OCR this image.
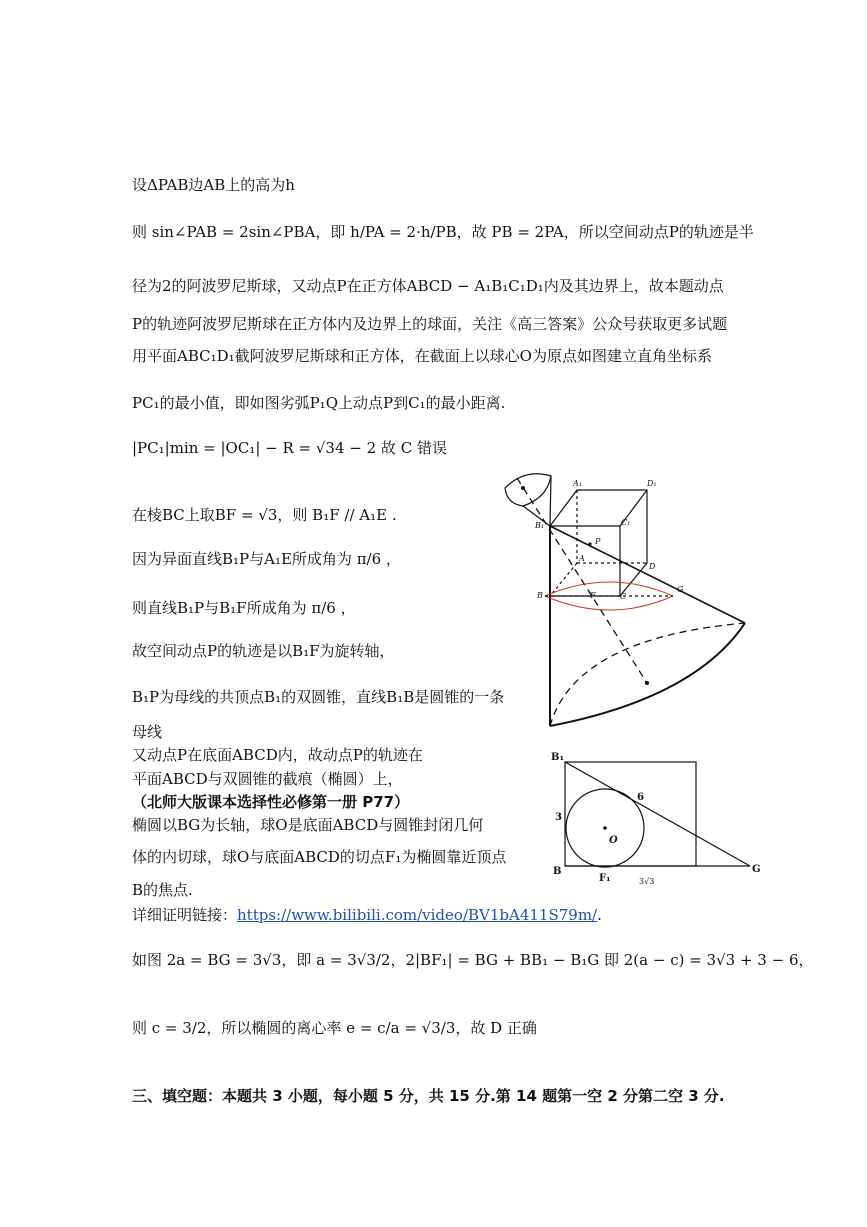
设ΔPAB边AB上的高为h
则 sin∠PAB = 2sin∠PBA，即 h/PA = 2·h/PB，故 PB = 2PA，所以空间动点P的轨迹是半
径为2的阿波罗尼斯球，又动点P在正方体ABCD − A₁B₁C₁D₁内及其边界上，故本题动点
P的轨迹阿波罗尼斯球在正方体内及边界上的球面，关注《高三答案》公众号获取更多试题
用平面ABC₁D₁截阿波罗尼斯球和正方体，在截面上以球心O为原点如图建立直角坐标系
PC₁的最小值，即如图劣弧P₁Q上动点P到C₁的最小距离.
|PC₁|min = |OC₁| − R = √34 − 2 故 C 错误
在棱BC上取BF = √3，则 B₁F // A₁E .
因为异面直线B₁P与A₁E所成角为 π/6 ，
则直线B₁P与B₁F所成角为 π/6 ，
故空间动点P的轨迹是以B₁F为旋转轴，
B₁P为母线的共顶点B₁的双圆锥，直线B₁B是圆锥的一条
母线
又动点P在底面ABCD内，故动点P的轨迹在
平面ABCD与双圆锥的截痕（椭圆）上，
（北师大版课本选择性必修第一册 P77）
椭圆以BG为长轴，球O是底面ABCD与圆锥封闭几何
体的内切球，球O与底面ABCD的切点F₁为椭圆靠近顶点
B的焦点.
详细证明链接：https://www.bilibili.com/video/BV1bA411S79m/.
如图 2a = BG = 3√3，即 a = 3√3/2，2|BF₁| = BG + BB₁ − B₁G 即 2(a − c) = 3√3 + 3 − 6，
则 c = 3/2，所以椭圆的离心率 e = c/a = √3/3，故 D 正确
三、填空题：本题共 3 小题，每小题 5 分，共 15 分.第 14 题第一空 2 分第二空 3 分.
A₁	D₁
B₁	C₁
P
A
D
B	F	C
G
B₁
B
F₁
G
O
6
3
3√3
